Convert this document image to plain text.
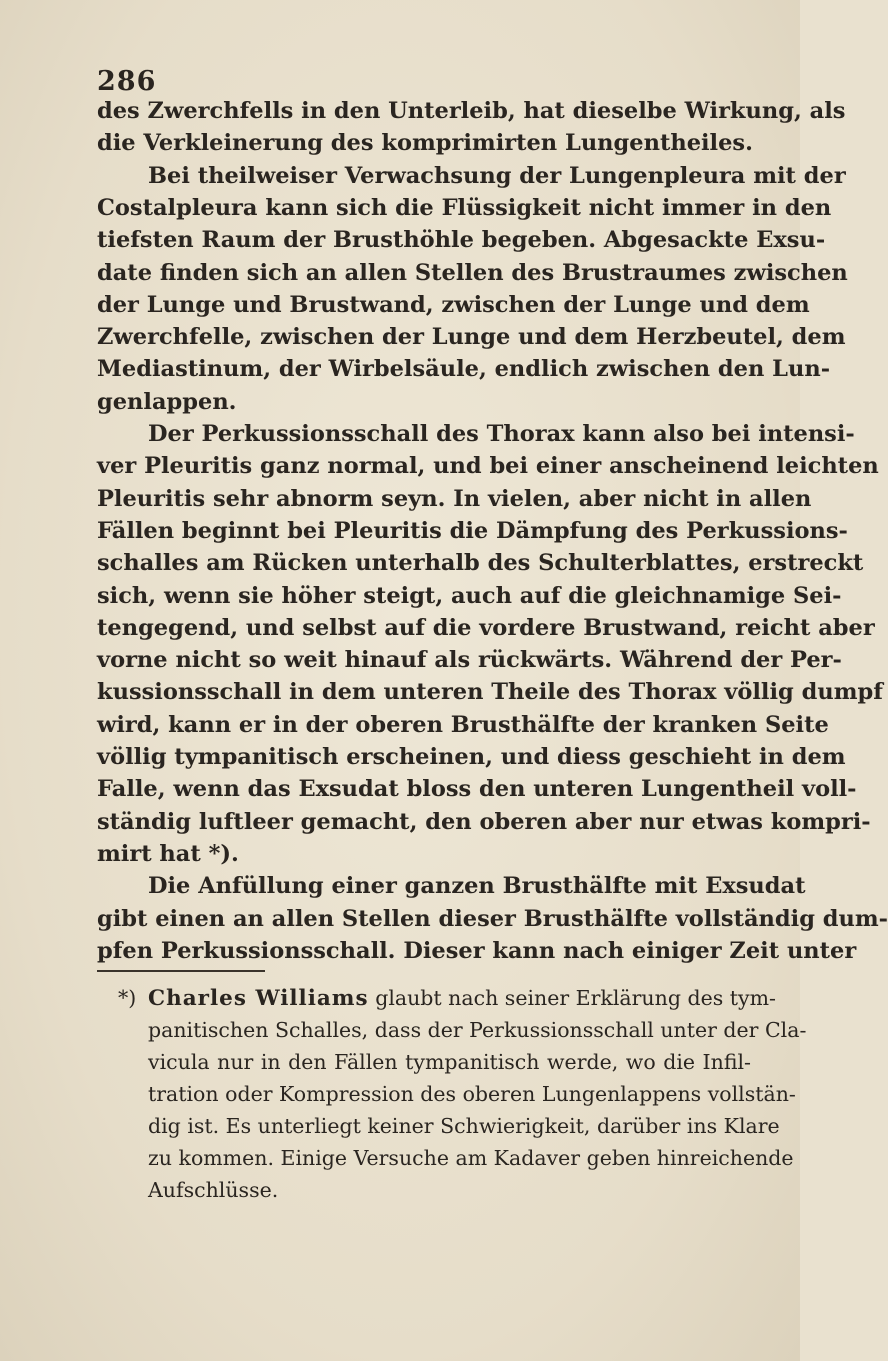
286
des Zwerchfells in den Unterleib, hat dieselbe Wirkung, als
die Verkleinerung des komprimirten Lungentheiles.
Bei theilweiser Verwachsung der Lungenpleura mit der
Costalpleura kann sich die Flüssigkeit nicht immer in den
tiefsten Raum der Brusthöhle begeben. Abgesackte Exsu-
date finden sich an allen Stellen des Brustraumes zwischen
der Lunge und Brustwand, zwischen der Lunge und dem
Zwerchfelle, zwischen der Lunge und dem Herzbeutel, dem
Mediastinum, der Wirbelsäule, endlich zwischen den Lun-
genlappen.
Der Perkussionsschall des Thorax kann also bei intensi-
ver Pleuritis ganz normal, und bei einer anscheinend leichten
Pleuritis sehr abnorm seyn. In vielen, aber nicht in allen
Fällen beginnt bei Pleuritis die Dämpfung des Perkussions-
schalles am Rücken unterhalb des Schulterblattes, erstreckt
sich, wenn sie höher steigt, auch auf die gleichnamige Sei-
tengegend, und selbst auf die vordere Brustwand, reicht aber
vorne nicht so weit hinauf als rückwärts. Während der Per-
kussionsschall in dem unteren Theile des Thorax völlig dumpf
wird, kann er in der oberen Brusthälfte der kranken Seite
völlig tympanitisch erscheinen, und diess geschieht in dem
Falle, wenn das Exsudat bloss den unteren Lungentheil voll-
ständig luftleer gemacht, den oberen aber nur etwas kompri-
mirt hat *).
Die Anfüllung einer ganzen Brusthälfte mit Exsudat
gibt einen an allen Stellen dieser Brusthälfte vollständig dum-
pfen Perkussionsschall. Dieser kann nach einiger Zeit unter
*) Charles Williams glaubt nach seiner Erklärung des tym-
panitischen Schalles, dass der Perkussionsschall unter der Cla-
vicula nur in den Fällen tympanitisch werde, wo die Infil-
tration oder Kompression des oberen Lungenlappens vollstän-
dig ist. Es unterliegt keiner Schwierigkeit, darüber ins Klare
zu kommen. Einige Versuche am Kadaver geben hinreichende
Aufschlüsse.
